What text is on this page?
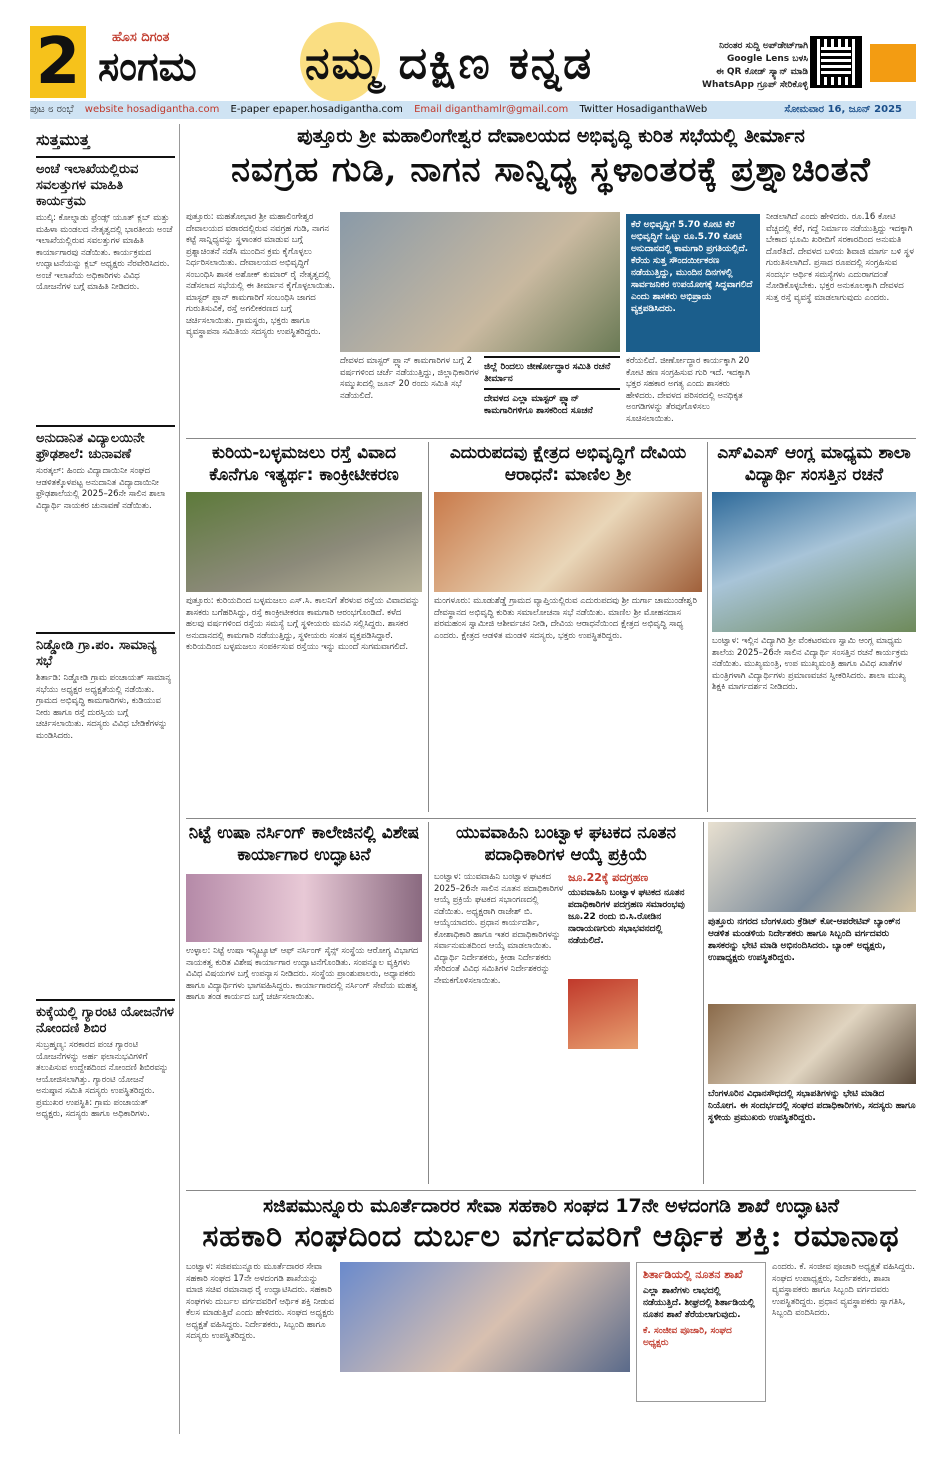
2	ಹೊಸ ದಿಗಂತ
ಸಂಗಮ ನಮ್ಮ ದಕ್ಷಿಣ ಕನ್ನಡ	ನಿರಂತರ ಸುದ್ದಿ ಅಪ್‌ಡೇಟ್‌ಗಾಗಿ
Google Lens ಬಳಸಿ
ಈ QR ಕೋಡ್ ಸ್ಕ್ಯಾನ್ ಮಾಡಿ
WhatsApp ಗ್ರೂಪ್ ಸೇರಿಕೊಳ್ಳಿ
ಪುಟ ೮ ರಂಭೆ website hosadigantha.com E-paper epaper.hosadigantha.com Email diganthamlr@gmail.com Twitter HosadiganthaWeb	ಸೋಮವಾರ 16, ಜೂನ್ 2025
ಸುತ್ತಮುತ್ತ
ಅಂಚೆ ಇಲಾಖೆಯಲ್ಲಿರುವ ಸವಲತ್ತುಗಳ ಮಾಹಿತಿ ಕಾರ್ಯಕ್ರಮ
ಮುಲ್ಕಿ: ಕೋಲ್ನಾಡು ಫ್ರೆಂಡ್ಸ್ ಯೂತ್ ಕ್ಲಬ್ ಮತ್ತು ಮಹಿಳಾ ಮಂಡಲದ ನೇತೃತ್ವದಲ್ಲಿ ಭಾರತೀಯ ಅಂಚೆ ಇಲಾಖೆಯಲ್ಲಿರುವ ಸವಲತ್ತುಗಳ ಮಾಹಿತಿ ಕಾರ್ಯಾಗಾರವು ನಡೆಯಿತು. ಕಾರ್ಯಕ್ರಮದ ಉದ್ಘಾಟನೆಯನ್ನು ಕ್ಲಬ್ ಅಧ್ಯಕ್ಷರು ನೆರವೇರಿಸಿದರು. ಅಂಚೆ ಇಲಾಖೆಯ ಅಧಿಕಾರಿಗಳು ವಿವಿಧ ಯೋಜನೆಗಳ ಬಗ್ಗೆ ಮಾಹಿತಿ ನೀಡಿದರು.
ಅನುದಾನಿತ ವಿದ್ಯಾಲಯಿನೇ ಫ್ರೌಢಶಾಲೆ: ಚುನಾವಣೆ
ಸುರತ್ಕಲ್: ಹಿಂದು ವಿದ್ಯಾದಾಯಿನೀ ಸಂಘದ ಆಡಳಿತಕ್ಕೊಳಪಟ್ಟ ಅನುದಾನಿತ ವಿದ್ಯಾದಾಯಿನೀ ಫ್ರೌಢಶಾಲೆಯಲ್ಲಿ 2025–26ನೇ ಸಾಲಿನ ಶಾಲಾ ವಿದ್ಯಾರ್ಥಿ ನಾಯಕರ ಚುನಾವಣೆ ನಡೆಯಿತು.
ನಿಡ್ಡೋಡಿ ಗ್ರಾ.ಪಂ. ಸಾಮಾನ್ಯ ಸಭೆ
ಶಿರ್ತಾಡಿ: ನಿಡ್ಡೋಡಿ ಗ್ರಾಮ ಪಂಚಾಯತ್ ಸಾಮಾನ್ಯ ಸಭೆಯು ಅಧ್ಯಕ್ಷರ ಅಧ್ಯಕ್ಷತೆಯಲ್ಲಿ ನಡೆಯಿತು. ಗ್ರಾಮದ ಅಭಿವೃದ್ಧಿ ಕಾಮಗಾರಿಗಳು, ಕುಡಿಯುವ ನೀರು ಹಾಗೂ ರಸ್ತೆ ದುರಸ್ತಿಯ ಬಗ್ಗೆ ಚರ್ಚಿಸಲಾಯಿತು. ಸದಸ್ಯರು ವಿವಿಧ ಬೇಡಿಕೆಗಳನ್ನು ಮಂಡಿಸಿದರು.
ಕುಕ್ಕೆಯಲ್ಲಿ ಗ್ಯಾರಂಟಿ ಯೋಜನೆಗಳ ನೋಂದಣಿ ಶಿಬಿರ
ಸುಬ್ರಹ್ಮಣ್ಯ: ಸರಕಾರದ ಪಂಚ ಗ್ಯಾರಂಟಿ ಯೋಜನೆಗಳನ್ನು ಅರ್ಹ ಫಲಾನುಭವಿಗಳಿಗೆ ತಲುಪಿಸುವ ಉದ್ದೇಶದಿಂದ ನೋಂದಣಿ ಶಿಬಿರವನ್ನು ಆಯೋಜಿಸಲಾಗಿತ್ತು. ಗ್ಯಾರಂಟಿ ಯೋಜನೆ ಅನುಷ್ಠಾನ ಸಮಿತಿ ಸದಸ್ಯರು ಉಪಸ್ಥಿತರಿದ್ದರು. ಪ್ರಮುಖರ ಉಪಸ್ಥಿತಿ: ಗ್ರಾಮ ಪಂಚಾಯತ್ ಅಧ್ಯಕ್ಷರು, ಸದಸ್ಯರು ಹಾಗೂ ಅಧಿಕಾರಿಗಳು.
ಪುತ್ತೂರು ಶ್ರೀ ಮಹಾಲಿಂಗೇಶ್ವರ ದೇವಾಲಯದ ಅಭಿವೃದ್ಧಿ ಕುರಿತ ಸಭೆಯಲ್ಲಿ ತೀರ್ಮಾನ
ನವಗ್ರಹ ಗುಡಿ, ನಾಗನ ಸಾನ್ನಿಧ್ಯ ಸ್ಥಳಾಂತರಕ್ಕೆ ಪ್ರಶ್ನಾಚಿಂತನೆ
ಪುತ್ತೂರು: ಮಹತೋಭಾರ ಶ್ರೀ ಮಹಾಲಿಂಗೇಶ್ವರ ದೇವಾಲಯದ ವಠಾರದಲ್ಲಿರುವ ನವಗ್ರಹ ಗುಡಿ, ನಾಗನ ಕಟ್ಟೆ ಸಾನ್ನಿಧ್ಯವನ್ನು ಸ್ಥಳಾಂತರ ಮಾಡುವ ಬಗ್ಗೆ ಪ್ರಶ್ನಾಚಿಂತನೆ ನಡೆಸಿ ಮುಂದಿನ ಕ್ರಮ ಕೈಗೊಳ್ಳಲು ನಿರ್ಧರಿಸಲಾಯಿತು. ದೇವಾಲಯದ ಅಭಿವೃದ್ಧಿಗೆ ಸಂಬಂಧಿಸಿ ಶಾಸಕ ಅಶೋಕ್ ಕುಮಾರ್ ರೈ ನೇತೃತ್ವದಲ್ಲಿ ನಡೆಸಲಾದ ಸಭೆಯಲ್ಲಿ ಈ ತೀರ್ಮಾನ ಕೈಗೊಳ್ಳಲಾಯಿತು. ಮಾಸ್ಟರ್ ಪ್ಲಾನ್ ಕಾಮಗಾರಿಗೆ ಸಂಬಂಧಿಸಿ ಜಾಗದ ಗುರುತಿಸುವಿಕೆ, ರಸ್ತೆ ಅಗಲೀಕರಣದ ಬಗ್ಗೆ ಚರ್ಚಿಸಲಾಯಿತು. ಗ್ರಾಮಸ್ಥರು, ಭಕ್ತರು ಹಾಗೂ ವ್ಯವಸ್ಥಾಪನಾ ಸಮಿತಿಯ ಸದಸ್ಯರು ಉಪಸ್ಥಿತರಿದ್ದರು.
ದೇವಳದ ಮಾಸ್ಟರ್ ಪ್ಲ್ಯಾನ್ ಕಾಮಗಾರಿಗಳ ಬಗ್ಗೆ 2 ವರ್ಷಗಳಿಂದ ಚರ್ಚೆ ನಡೆಯುತ್ತಿದ್ದು, ಜಿಲ್ಲಾಧಿಕಾರಿಗಳ ಸಮ್ಮುಖದಲ್ಲಿ ಜೂನ್ 20 ರಂದು ಸಮಿತಿ ಸಭೆ ನಡೆಯಲಿದೆ.
ಜಿಲ್ಲೆ ರಿಂದಲು ಜೀರ್ಣೋದ್ಧಾರ ಸಮಿತಿ ರಚನೆ ತೀರ್ಮಾನ
ದೇವಳದ ಎಲ್ಲಾ ಮಾಸ್ಟರ್ ಪ್ಲ್ಯಾನ್ ಕಾಮಗಾರಿಗಳಿಗೂ ಶಾಸಕರಿಂದ ಸೂಚನೆ
ಕೆರೆ ಅಭಿವೃದ್ಧಿಗೆ 5.70 ಕೋಟಿ ಕೆರೆ ಅಭಿವೃದ್ಧಿಗೆ ಒಟ್ಟು ರೂ.5.70 ಕೋಟಿ ಅನುದಾನದಲ್ಲಿ ಕಾಮಗಾರಿ ಪ್ರಗತಿಯಲ್ಲಿದೆ. ಕೆರೆಯ ಸುತ್ತ ಸೌಂದರ್ಯೀಕರಣ ನಡೆಯುತ್ತಿದ್ದು, ಮುಂದಿನ ದಿನಗಳಲ್ಲಿ ಸಾರ್ವಜನಿಕರ ಉಪಯೋಗಕ್ಕೆ ಸಿದ್ಧವಾಗಲಿದೆ ಎಂದು ಶಾಸಕರು ಅಭಿಪ್ರಾಯ ವ್ಯಕ್ತಪಡಿಸಿದರು.
ಕರೆಯಲಿದೆ. ಜೀರ್ಣೋದ್ಧಾರ ಕಾರ್ಯಕ್ಕಾಗಿ 20 ಕೋಟಿ ಹಣ ಸಂಗ್ರಹಿಸುವ ಗುರಿ ಇದೆ. ಇದಕ್ಕಾಗಿ ಭಕ್ತರ ಸಹಕಾರ ಅಗತ್ಯ ಎಂದು ಶಾಸಕರು ಹೇಳಿದರು. ದೇವಳದ ಪರಿಸರದಲ್ಲಿ ಅನಧಿಕೃತ ಅಂಗಡಿಗಳನ್ನು ತೆರವುಗೊಳಿಸಲು ಸೂಚಿಸಲಾಯಿತು.
ನೀಡಲಾಗಿದೆ ಎಂದು ಹೇಳಿದರು. ರೂ.16 ಕೋಟಿ ವೆಚ್ಚದಲ್ಲಿ ಕೆರೆ, ಗದ್ದೆ ನಿರ್ಮಾಣ ನಡೆಯುತ್ತಿದ್ದು ಇದಕ್ಕಾಗಿ ಬೇಕಾದ ಭೂಮಿ ಖರೀದಿಗೆ ಸರಕಾರದಿಂದ ಅನುಮತಿ ದೊರೆತಿದೆ. ದೇವಳದ ಬಳಿಯ ಶಿವಾಜಿ ಮಾರ್ಗ ಬಳಿ ಸ್ಥಳ ಗುರುತಿಸಲಾಗಿದೆ. ಪ್ರಸಾದ ರೂಪದಲ್ಲಿ ಸಂಗ್ರಹಿಸುವ ಸಂದರ್ಭ ಆರ್ಥಿಕ ಸಮಸ್ಯೆಗಳು ಎದುರಾಗದಂತೆ ನೋಡಿಕೊಳ್ಳಬೇಕು. ಭಕ್ತರ ಅನುಕೂಲಕ್ಕಾಗಿ ದೇವಳದ ಸುತ್ತ ರಸ್ತೆ ವ್ಯವಸ್ಥೆ ಮಾಡಲಾಗುವುದು ಎಂದರು.
ಕುರಿಯ-ಬಳ್ಳಮಜಲು ರಸ್ತೆ ವಿವಾದ ಕೊನೆಗೂ ಇತ್ಯರ್ಥ: ಕಾಂಕ್ರೀಟೀಕರಣ
ಪುತ್ತೂರು: ಕುರಿಯದಿಂದ ಬಳ್ಳಮಜಲು ಎಸ್.ಸಿ. ಕಾಲನಿಗೆ ತೆರಳುವ ರಸ್ತೆಯ ವಿವಾದವನ್ನು ಶಾಸಕರು ಬಗೆಹರಿಸಿದ್ದು, ರಸ್ತೆ ಕಾಂಕ್ರೀಟೀಕರಣ ಕಾಮಗಾರಿ ಆರಂಭಗೊಂಡಿದೆ. ಕಳೆದ ಹಲವು ವರ್ಷಗಳಿಂದ ರಸ್ತೆಯ ಸಮಸ್ಯೆ ಬಗ್ಗೆ ಸ್ಥಳೀಯರು ಮನವಿ ಸಲ್ಲಿಸಿದ್ದರು. ಶಾಸಕರ ಅನುದಾನದಲ್ಲಿ ಕಾಮಗಾರಿ ನಡೆಯುತ್ತಿದ್ದು, ಸ್ಥಳೀಯರು ಸಂತಸ ವ್ಯಕ್ತಪಡಿಸಿದ್ದಾರೆ. ಕುರಿಯದಿಂದ ಬಳ್ಳಮಜಲು ಸಂಪರ್ಕಿಸುವ ರಸ್ತೆಯು ಇನ್ನು ಮುಂದೆ ಸುಗಮವಾಗಲಿದೆ.
ಎದುರುಪದವು ಕ್ಷೇತ್ರದ ಅಭಿವೃದ್ಧಿಗೆ ದೇವಿಯ ಆರಾಧನೆ: ಮಾಣಿಲ ಶ್ರೀ
ಮಂಗಳೂರು: ಮೂಡುಶೆಡ್ಡೆ ಗ್ರಾಮದ ವ್ಯಾಪ್ತಿಯಲ್ಲಿರುವ ಎದುರುಪದವು ಶ್ರೀ ದುರ್ಗಾ ಚಾಮುಂಡೇಶ್ವರಿ ದೇವಸ್ಥಾನದ ಅಭಿವೃದ್ಧಿ ಕುರಿತು ಸಮಾಲೋಚನಾ ಸಭೆ ನಡೆಯಿತು. ಮಾಣಿಲ ಶ್ರೀ ಮೋಹನದಾಸ ಪರಮಹಂಸ ಸ್ವಾಮೀಜಿ ಆಶೀರ್ವಚನ ನೀಡಿ, ದೇವಿಯ ಆರಾಧನೆಯಿಂದ ಕ್ಷೇತ್ರದ ಅಭಿವೃದ್ಧಿ ಸಾಧ್ಯ ಎಂದರು. ಕ್ಷೇತ್ರದ ಆಡಳಿತ ಮಂಡಳಿ ಸದಸ್ಯರು, ಭಕ್ತರು ಉಪಸ್ಥಿತರಿದ್ದರು.
ಎಸ್‌ವಿಎಸ್ ಆಂಗ್ಲ ಮಾಧ್ಯಮ ಶಾಲಾ ವಿದ್ಯಾರ್ಥಿ ಸಂಸತ್ತಿನ ರಚನೆ
ಬಂಟ್ವಾಳ: ಇಲ್ಲಿನ ವಿದ್ಯಾಗಿರಿ ಶ್ರೀ ವೆಂಕಟರಮಣ ಸ್ವಾಮಿ ಆಂಗ್ಲ ಮಾಧ್ಯಮ ಶಾಲೆಯ 2025–26ನೇ ಸಾಲಿನ ವಿದ್ಯಾರ್ಥಿ ಸಂಸತ್ತಿನ ರಚನೆ ಕಾರ್ಯಕ್ರಮ ನಡೆಯಿತು. ಮುಖ್ಯಮಂತ್ರಿ, ಉಪ ಮುಖ್ಯಮಂತ್ರಿ ಹಾಗೂ ವಿವಿಧ ಖಾತೆಗಳ ಮಂತ್ರಿಗಳಾಗಿ ವಿದ್ಯಾರ್ಥಿಗಳು ಪ್ರಮಾಣವಚನ ಸ್ವೀಕರಿಸಿದರು. ಶಾಲಾ ಮುಖ್ಯ ಶಿಕ್ಷಕಿ ಮಾರ್ಗದರ್ಶನ ನೀಡಿದರು.
ನಿಟ್ಟೆ ಉಷಾ ನರ್ಸಿಂಗ್ ಕಾಲೇಜಿನಲ್ಲಿ ವಿಶೇಷ ಕಾರ್ಯಾಗಾರ ಉದ್ಘಾಟನೆ
ಉಳ್ಳಾಲ: ನಿಟ್ಟೆ ಉಷಾ ಇನ್ಸ್ಟಿಟ್ಯೂಟ್ ಆಫ್ ನರ್ಸಿಂಗ್ ಸೈನ್ಸ್ ಸಂಸ್ಥೆಯ ಆರೋಗ್ಯ ವಿಭಾಗದ ನಾಯಕತ್ವ ಕುರಿತ ವಿಶೇಷ ಕಾರ್ಯಾಗಾರ ಉದ್ಘಾಟನೆಗೊಂಡಿತು. ಸಂಪನ್ಮೂಲ ವ್ಯಕ್ತಿಗಳು ವಿವಿಧ ವಿಷಯಗಳ ಬಗ್ಗೆ ಉಪನ್ಯಾಸ ನೀಡಿದರು. ಸಂಸ್ಥೆಯ ಪ್ರಾಂಶುಪಾಲರು, ಅಧ್ಯಾಪಕರು ಹಾಗೂ ವಿದ್ಯಾರ್ಥಿಗಳು ಭಾಗವಹಿಸಿದ್ದರು. ಕಾರ್ಯಾಗಾರದಲ್ಲಿ ನರ್ಸಿಂಗ್ ಸೇವೆಯ ಮಹತ್ವ ಹಾಗೂ ತಂಡ ಕಾರ್ಯದ ಬಗ್ಗೆ ಚರ್ಚಿಸಲಾಯಿತು.
ಯುವವಾಹಿನಿ ಬಂಟ್ವಾಳ ಘಟಕದ ನೂತನ ಪದಾಧಿಕಾರಿಗಳ ಆಯ್ಕೆ ಪ್ರಕ್ರಿಯೆ
ಬಂಟ್ವಾಳ: ಯುವವಾಹಿನಿ ಬಂಟ್ವಾಳ ಘಟಕದ 2025–26ನೇ ಸಾಲಿನ ನೂತನ ಪದಾಧಿಕಾರಿಗಳ ಆಯ್ಕೆ ಪ್ರಕ್ರಿಯೆ ಘಟಕದ ಸಭಾಂಗಣದಲ್ಲಿ ನಡೆಯಿತು. ಅಧ್ಯಕ್ಷರಾಗಿ ರಾಜೇಶ್ ಬಿ. ಆಯ್ಕೆಯಾದರು. ಪ್ರಧಾನ ಕಾರ್ಯದರ್ಶಿ, ಕೋಶಾಧಿಕಾರಿ ಹಾಗೂ ಇತರ ಪದಾಧಿಕಾರಿಗಳನ್ನು ಸರ್ವಾನುಮತದಿಂದ ಆಯ್ಕೆ ಮಾಡಲಾಯಿತು. ವಿದ್ಯಾರ್ಥಿ ನಿರ್ದೇಶಕರು, ಕ್ರೀಡಾ ನಿರ್ದೇಶಕರು ಸೇರಿದಂತೆ ವಿವಿಧ ಸಮಿತಿಗಳ ನಿರ್ದೇಶಕರನ್ನು ನೇಮಕಗೊಳಿಸಲಾಯಿತು.
ಜೂ.22ಕ್ಕೆ ಪದಗ್ರಹಣ
ಯುವವಾಹಿನಿ ಬಂಟ್ವಾಳ ಘಟಕದ ನೂತನ ಪದಾಧಿಕಾರಿಗಳ ಪದಗ್ರಹಣ ಸಮಾರಂಭವು ಜೂ.22 ರಂದು ಬಿ.ಸಿ.ರೋಡಿನ ನಾರಾಯಣಗುರು ಸಭಾಭವನದಲ್ಲಿ ನಡೆಯಲಿದೆ.
ಪುತ್ತೂರು ನಗರದ ಬೆಂಗಳೂರು ಕ್ರೆಡಿಟ್ ಕೋ-ಆಪರೇಟಿವ್ ಬ್ಯಾಂಕ್‌ನ ಆಡಳಿತ ಮಂಡಳಿಯ ನಿರ್ದೇಶಕರು ಹಾಗೂ ಸಿಬ್ಬಂದಿ ವರ್ಗದವರು ಶಾಸಕರನ್ನು ಭೇಟಿ ಮಾಡಿ ಅಭಿನಂದಿಸಿದರು. ಬ್ಯಾಂಕ್ ಅಧ್ಯಕ್ಷರು, ಉಪಾಧ್ಯಕ್ಷರು ಉಪಸ್ಥಿತರಿದ್ದರು.
ಬೆಂಗಳೂರಿನ ವಿಧಾನಸೌಧದಲ್ಲಿ ಸಭಾಪತಿಗಳನ್ನು ಭೇಟಿ ಮಾಡಿದ ನಿಯೋಗ. ಈ ಸಂದರ್ಭದಲ್ಲಿ ಸಂಘದ ಪದಾಧಿಕಾರಿಗಳು, ಸದಸ್ಯರು ಹಾಗೂ ಸ್ಥಳೀಯ ಪ್ರಮುಖರು ಉಪಸ್ಥಿತರಿದ್ದರು.
ಸಜಿಪಮುನ್ನೂರು ಮೂರ್ತೆದಾರರ ಸೇವಾ ಸಹಕಾರಿ ಸಂಘದ 17ನೇ ಅಳದಂಗಡಿ ಶಾಖೆ ಉದ್ಘಾಟನೆ
ಸಹಕಾರಿ ಸಂಘದಿಂದ ದುರ್ಬಲ ವರ್ಗದವರಿಗೆ ಆರ್ಥಿಕ ಶಕ್ತಿ: ರಮಾನಾಥ
ಬಂಟ್ವಾಳ: ಸಜಿಪಮುನ್ನೂರು ಮೂರ್ತೆದಾರರ ಸೇವಾ ಸಹಕಾರಿ ಸಂಘದ 17ನೇ ಅಳದಂಗಡಿ ಶಾಖೆಯನ್ನು ಮಾಜಿ ಸಚಿವ ರಮಾನಾಥ ರೈ ಉದ್ಘಾಟಿಸಿದರು. ಸಹಕಾರಿ ಸಂಘಗಳು ದುರ್ಬಲ ವರ್ಗದವರಿಗೆ ಆರ್ಥಿಕ ಶಕ್ತಿ ನೀಡುವ ಕೆಲಸ ಮಾಡುತ್ತಿವೆ ಎಂದು ಹೇಳಿದರು. ಸಂಘದ ಅಧ್ಯಕ್ಷರು ಅಧ್ಯಕ್ಷತೆ ವಹಿಸಿದ್ದರು. ನಿರ್ದೇಶಕರು, ಸಿಬ್ಬಂದಿ ಹಾಗೂ ಸದಸ್ಯರು ಉಪಸ್ಥಿತರಿದ್ದರು.
ಶಿರ್ತಾಡಿಯಲ್ಲಿ ನೂತನ ಶಾಖೆ
ಎಲ್ಲಾ ಶಾಖೆಗಳು ಲಾಭದಲ್ಲಿ ನಡೆಯುತ್ತಿದೆ. ಶೀಘ್ರದಲ್ಲಿ ಶಿರ್ತಾಡಿಯಲ್ಲಿ ನೂತನ ಶಾಖೆ ತೆರೆಯಲಾಗುವುದು.
ಕೆ. ಸಂಜೀವ ಪೂಜಾರಿ, ಸಂಘದ ಅಧ್ಯಕ್ಷರು
ಎಂದರು. ಕೆ. ಸಂಜೀವ ಪೂಜಾರಿ ಅಧ್ಯಕ್ಷತೆ ವಹಿಸಿದ್ದರು. ಸಂಘದ ಉಪಾಧ್ಯಕ್ಷರು, ನಿರ್ದೇಶಕರು, ಶಾಖಾ ವ್ಯವಸ್ಥಾಪಕರು ಹಾಗೂ ಸಿಬ್ಬಂದಿ ವರ್ಗದವರು ಉಪಸ್ಥಿತರಿದ್ದರು. ಪ್ರಧಾನ ವ್ಯವಸ್ಥಾಪಕರು ಸ್ವಾಗತಿಸಿ, ಸಿಬ್ಬಂದಿ ವಂದಿಸಿದರು.
